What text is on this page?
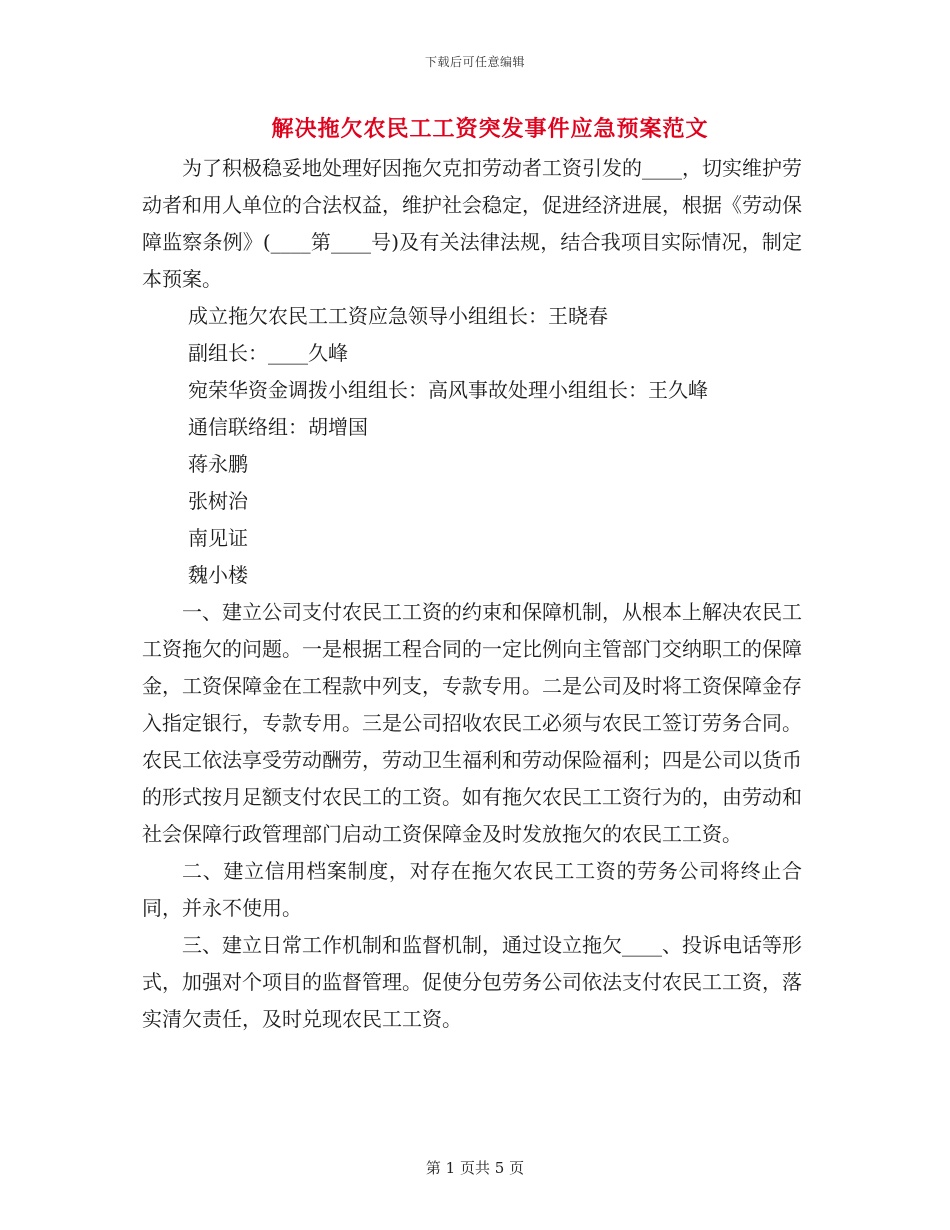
下载后可任意编辑
解决拖欠农民工工资突发事件应急预案范文

为了积极稳妥地处理好因拖欠克扣劳动者工资引发的____，切实维护劳动者和用人单位的合法权益，维护社会稳定，促进经济进展，根据《劳动保障监察条例》(____第____号)及有关法律法规，结合我项目实际情况，制定本预案。

成立拖欠农民工工资应急领导小组组长：王晓春

副组长：____久峰

宛荣华资金调拨小组组长：高风事故处理小组组长：王久峰

通信联络组：胡增国

蒋永鹏

张树治

南见证

魏小楼

一、建立公司支付农民工工资的约束和保障机制，从根本上解决农民工工资拖欠的问题。一是根据工程合同的一定比例向主管部门交纳职工的保障金，工资保障金在工程款中列支，专款专用。二是公司及时将工资保障金存入指定银行，专款专用。三是公司招收农民工必须与农民工签订劳务合同。农民工依法享受劳动酬劳，劳动卫生福利和劳动保险福利；四是公司以货币的形式按月足额支付农民工的工资。如有拖欠农民工工资行为的，由劳动和社会保障行政管理部门启动工资保障金及时发放拖欠的农民工工资。

二、建立信用档案制度，对存在拖欠农民工工资的劳务公司将终止合同，并永不使用。

三、建立日常工作机制和监督机制，通过设立拖欠____、投诉电话等形式，加强对个项目的监督管理。促使分包劳务公司依法支付农民工工资，落实清欠责任，及时兑现农民工工资。

第 1 页共 5 页
